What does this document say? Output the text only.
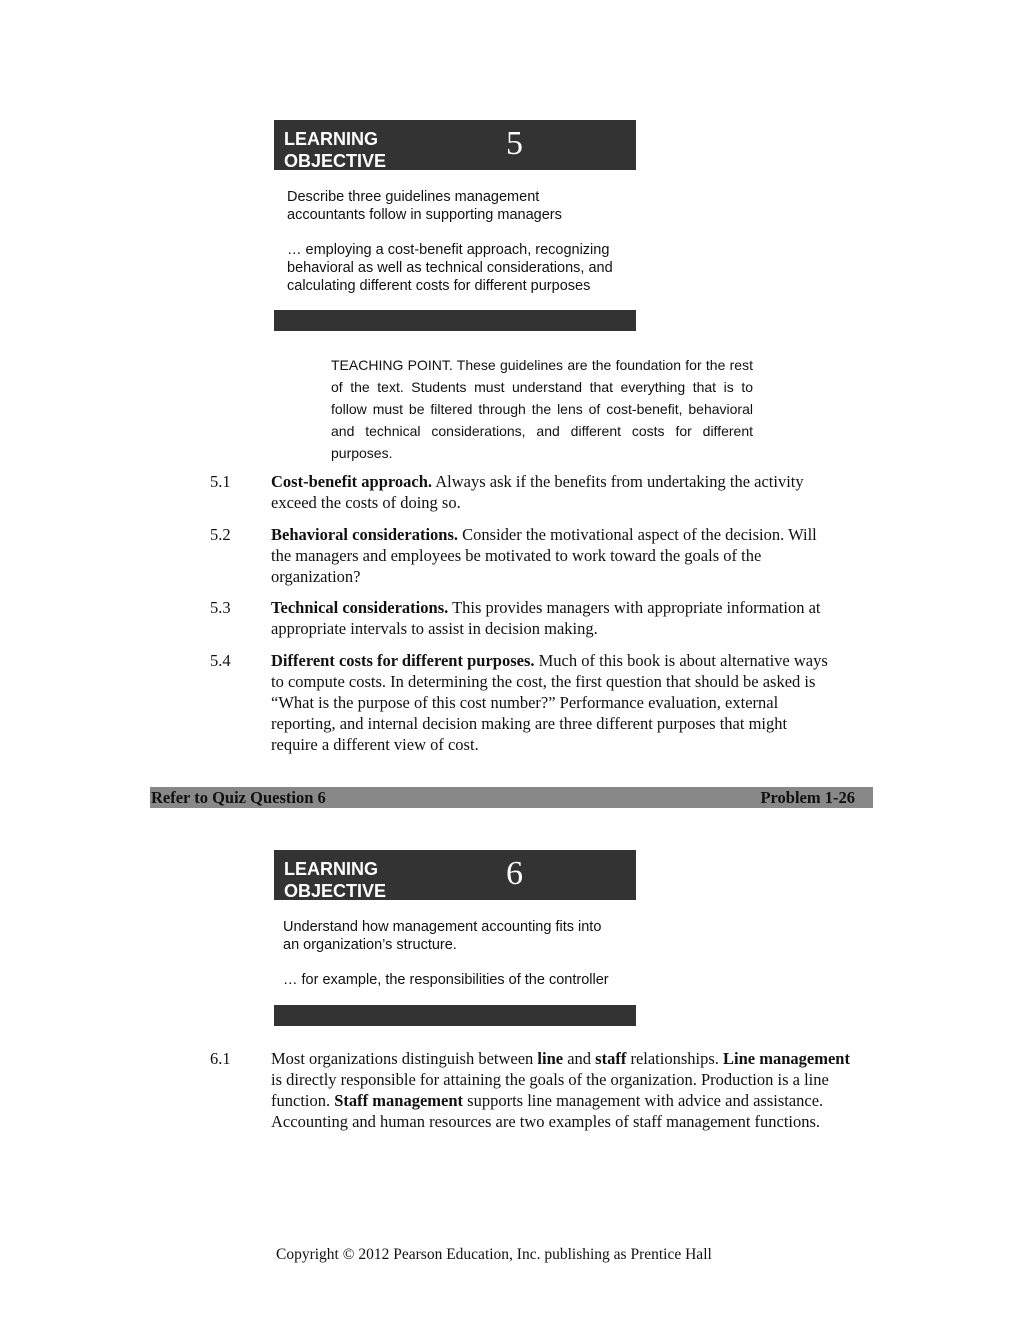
LEARNING
OBJECTIVE	5

Describe three guidelines management

accountants follow in supporting managers

… employing a cost-benefit approach, recognizing

behavioral as well as technical considerations, and

calculating different costs for different purposes

TEACHING POINT. These guidelines are the foundation for the rest of the text. Students must understand that everything that is to follow must be filtered through the lens of cost-benefit, behavioral and technical considerations, and different costs for different purposes.
5.1 Cost-benefit approach. Always ask if the benefits from undertaking the activity
exceed the costs of doing so.
5.2 Behavioral considerations. Consider the motivational aspect of the decision. Will
the managers and employees be motivated to work toward the goals of the
organization?
5.3 Technical considerations. This provides managers with appropriate information at
appropriate intervals to assist in decision making.
5.4 Different costs for different purposes. Much of this book is about alternative ways
to compute costs. In determining the cost, the first question that should be asked is
“What is the purpose of this cost number?” Performance evaluation, external
reporting, and internal decision making are three different purposes that might
require a different view of cost.
Refer to Quiz Question 6	Problem 1-26
LEARNING
OBJECTIVE	6

Understand how management accounting fits into

an organization’s structure.

… for example, the responsibilities of the controller

6.1 Most organizations distinguish between line and staff relationships. Line management is directly responsible for attaining the goals of the organization. Production is a line function. Staff management supports line management with advice and assistance. Accounting and human resources are two examples of staff management functions.
Copyright © 2012 Pearson Education, Inc. publishing as Prentice Hall
